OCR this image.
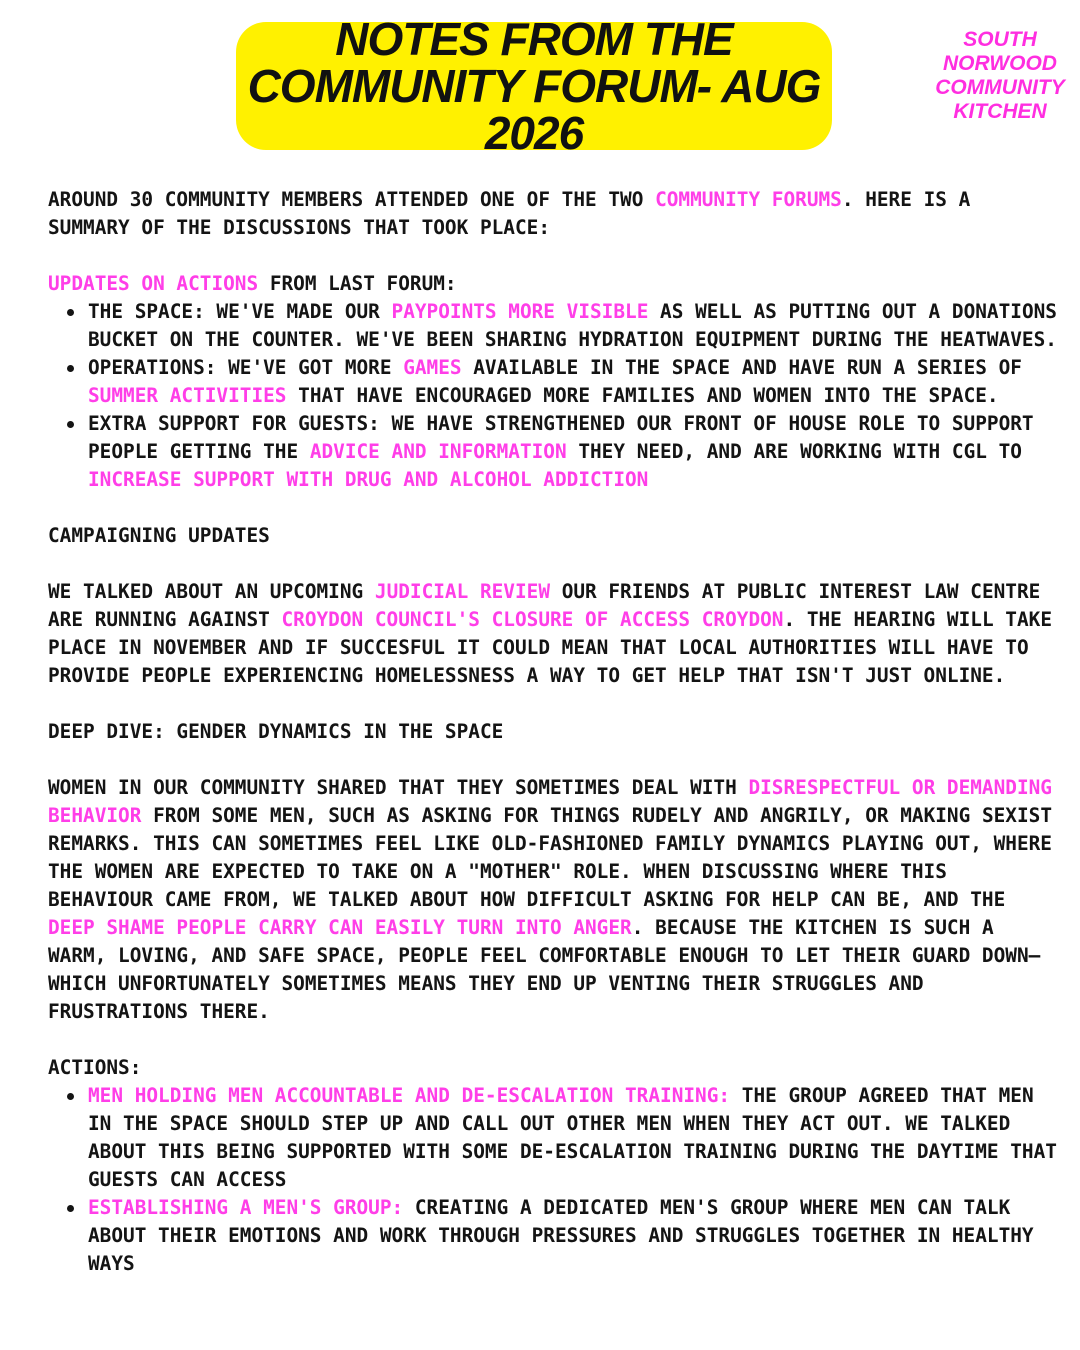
NOTES FROM THE COMMUNITY FORUM- AUG 2026
SOUTH
NORWOOD
COMMUNITY
KITCHEN

AROUND 30 COMMUNITY MEMBERS ATTENDED ONE OF THE TWO COMMUNITY FORUMS. HERE IS A SUMMARY OF THE DISCUSSIONS THAT TOOK PLACE:

UPDATES ON ACTIONS FROM LAST FORUM:

THE SPACE: WE'VE MADE OUR PAYPOINTS MORE VISIBLE AS WELL AS PUTTING OUT A DONATIONS BUCKET ON THE COUNTER. WE'VE BEEN SHARING HYDRATION EQUIPMENT DURING THE HEATWAVES.
OPERATIONS: WE'VE GOT MORE GAMES AVAILABLE IN THE SPACE AND HAVE RUN A SERIES OF SUMMER ACTIVITIES THAT HAVE ENCOURAGED MORE FAMILIES AND WOMEN INTO THE SPACE.
EXTRA SUPPORT FOR GUESTS: WE HAVE STRENGTHENED OUR FRONT OF HOUSE ROLE TO SUPPORT PEOPLE GETTING THE ADVICE AND INFORMATION THEY NEED, AND ARE WORKING WITH CGL TO INCREASE SUPPORT WITH DRUG AND ALCOHOL ADDICTION

CAMPAIGNING UPDATES

WE TALKED ABOUT AN UPCOMING JUDICIAL REVIEW OUR FRIENDS AT PUBLIC INTEREST LAW CENTRE ARE RUNNING AGAINST CROYDON COUNCIL'S CLOSURE OF ACCESS CROYDON. THE HEARING WILL TAKE PLACE IN NOVEMBER AND IF SUCCESFUL IT COULD MEAN THAT LOCAL AUTHORITIES WILL HAVE TO PROVIDE PEOPLE EXPERIENCING HOMELESSNESS A WAY TO GET HELP THAT ISN'T JUST ONLINE.

DEEP DIVE: GENDER DYNAMICS IN THE SPACE

WOMEN IN OUR COMMUNITY SHARED THAT THEY SOMETIMES DEAL WITH DISRESPECTFUL OR DEMANDING BEHAVIOR FROM SOME MEN, SUCH AS ASKING FOR THINGS RUDELY AND ANGRILY, OR MAKING SEXIST REMARKS. THIS CAN SOMETIMES FEEL LIKE OLD-FASHIONED FAMILY DYNAMICS PLAYING OUT, WHERE THE WOMEN ARE EXPECTED TO TAKE ON A "MOTHER" ROLE. WHEN DISCUSSING WHERE THIS BEHAVIOUR CAME FROM, WE TALKED ABOUT HOW DIFFICULT ASKING FOR HELP CAN BE, AND THE DEEP SHAME PEOPLE CARRY CAN EASILY TURN INTO ANGER. BECAUSE THE KITCHEN IS SUCH A WARM, LOVING, AND SAFE SPACE, PEOPLE FEEL COMFORTABLE ENOUGH TO LET THEIR GUARD DOWN—WHICH UNFORTUNATELY SOMETIMES MEANS THEY END UP VENTING THEIR STRUGGLES AND FRUSTRATIONS THERE.

ACTIONS:

MEN HOLDING MEN ACCOUNTABLE AND DE-ESCALATION TRAINING: THE GROUP AGREED THAT MEN IN THE SPACE SHOULD STEP UP AND CALL OUT OTHER MEN WHEN THEY ACT OUT. WE TALKED ABOUT THIS BEING SUPPORTED WITH SOME DE-ESCALATION TRAINING DURING THE DAYTIME THAT GUESTS CAN ACCESS
ESTABLISHING A MEN'S GROUP: CREATING A DEDICATED MEN'S GROUP WHERE MEN CAN TALK ABOUT THEIR EMOTIONS AND WORK THROUGH PRESSURES AND STRUGGLES TOGETHER IN HEALTHY WAYS
